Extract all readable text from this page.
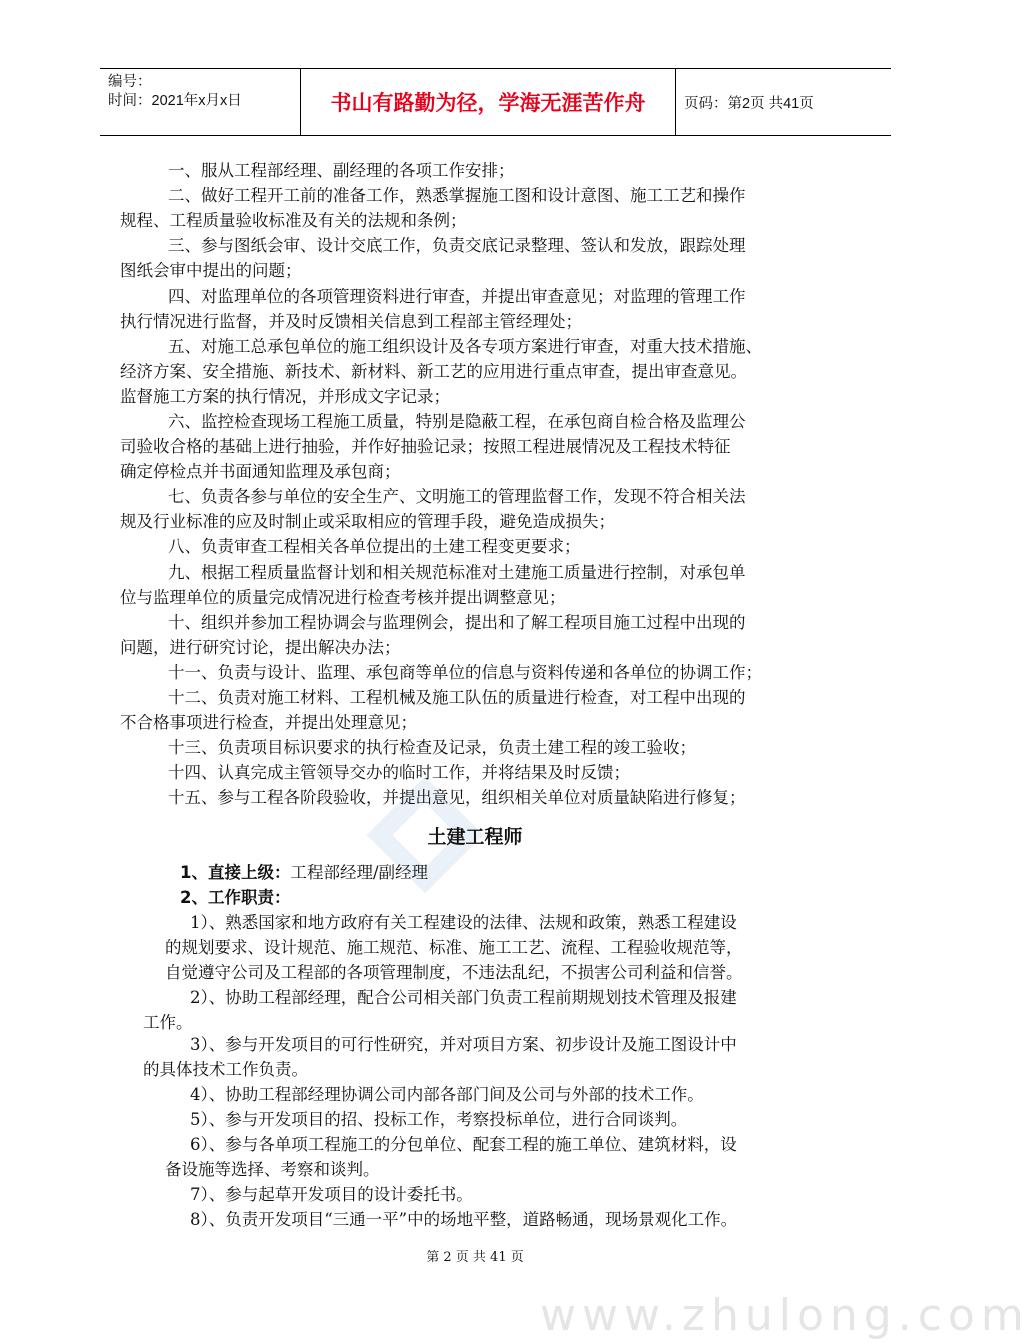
编号：
时间：2021年x月x日	书山有路勤为径，学海无涯苦作舟	页码：第2页 共41页
www.zhulong.com
一、服从工程部经理、副经理的各项工作安排；
二、做好工程开工前的准备工作，熟悉掌握施工图和设计意图、施工工艺和操作
规程、工程质量验收标准及有关的法规和条例；
三、参与图纸会审、设计交底工作，负责交底记录整理、签认和发放，跟踪处理
图纸会审中提出的问题；
四、对监理单位的各项管理资料进行审查，并提出审查意见；对监理的管理工作
执行情况进行监督，并及时反馈相关信息到工程部主管经理处；
五、对施工总承包单位的施工组织设计及各专项方案进行审查，对重大技术措施、
经济方案、安全措施、新技术、新材料、新工艺的应用进行重点审查，提出审查意见。
监督施工方案的执行情况，并形成文字记录；
六、监控检查现场工程施工质量，特别是隐蔽工程，在承包商自检合格及监理公
司验收合格的基础上进行抽验，并作好抽验记录；按照工程进展情况及工程技术特征
确定停检点并书面通知监理及承包商；
七、负责各参与单位的安全生产、文明施工的管理监督工作，发现不符合相关法
规及行业标准的应及时制止或采取相应的管理手段，避免造成损失；
八、负责审查工程相关各单位提出的土建工程变更要求；
九、根据工程质量监督计划和相关规范标准对土建施工质量进行控制，对承包单
位与监理单位的质量完成情况进行检查考核并提出调整意见；
十、组织并参加工程协调会与监理例会，提出和了解工程项目施工过程中出现的
问题，进行研究讨论，提出解决办法；
十一、负责与设计、监理、承包商等单位的信息与资料传递和各单位的协调工作；
十二、负责对施工材料、工程机械及施工队伍的质量进行检查，对工程中出现的
不合格事项进行检查，并提出处理意见；
十三、负责项目标识要求的执行检查及记录，负责土建工程的竣工验收；
十四、认真完成主管领导交办的临时工作，并将结果及时反馈；
十五、参与工程各阶段验收，并提出意见，组织相关单位对质量缺陷进行修复；
土建工程师
1、直接上级：工程部经理/副经理
2、工作职责：
1）、熟悉国家和地方政府有关工程建设的法律、法规和政策，熟悉工程建设
的规划要求、设计规范、施工规范、标准、施工工艺、流程、工程验收规范等，
自觉遵守公司及工程部的各项管理制度，不违法乱纪，不损害公司利益和信誉。
2）、协助工程部经理，配合公司相关部门负责工程前期规划技术管理及报建
工作。
3）、参与开发项目的可行性研究，并对项目方案、初步设计及施工图设计中
的具体技术工作负责。
4）、协助工程部经理协调公司内部各部门间及公司与外部的技术工作。
5）、参与开发项目的招、投标工作，考察投标单位，进行合同谈判。
6）、参与各单项工程施工的分包单位、配套工程的施工单位、建筑材料，设
备设施等选择、考察和谈判。
7）、参与起草开发项目的设计委托书。
8）、负责开发项目“三通一平”中的场地平整，道路畅通，现场景观化工作。
第 2 页 共 41 页
